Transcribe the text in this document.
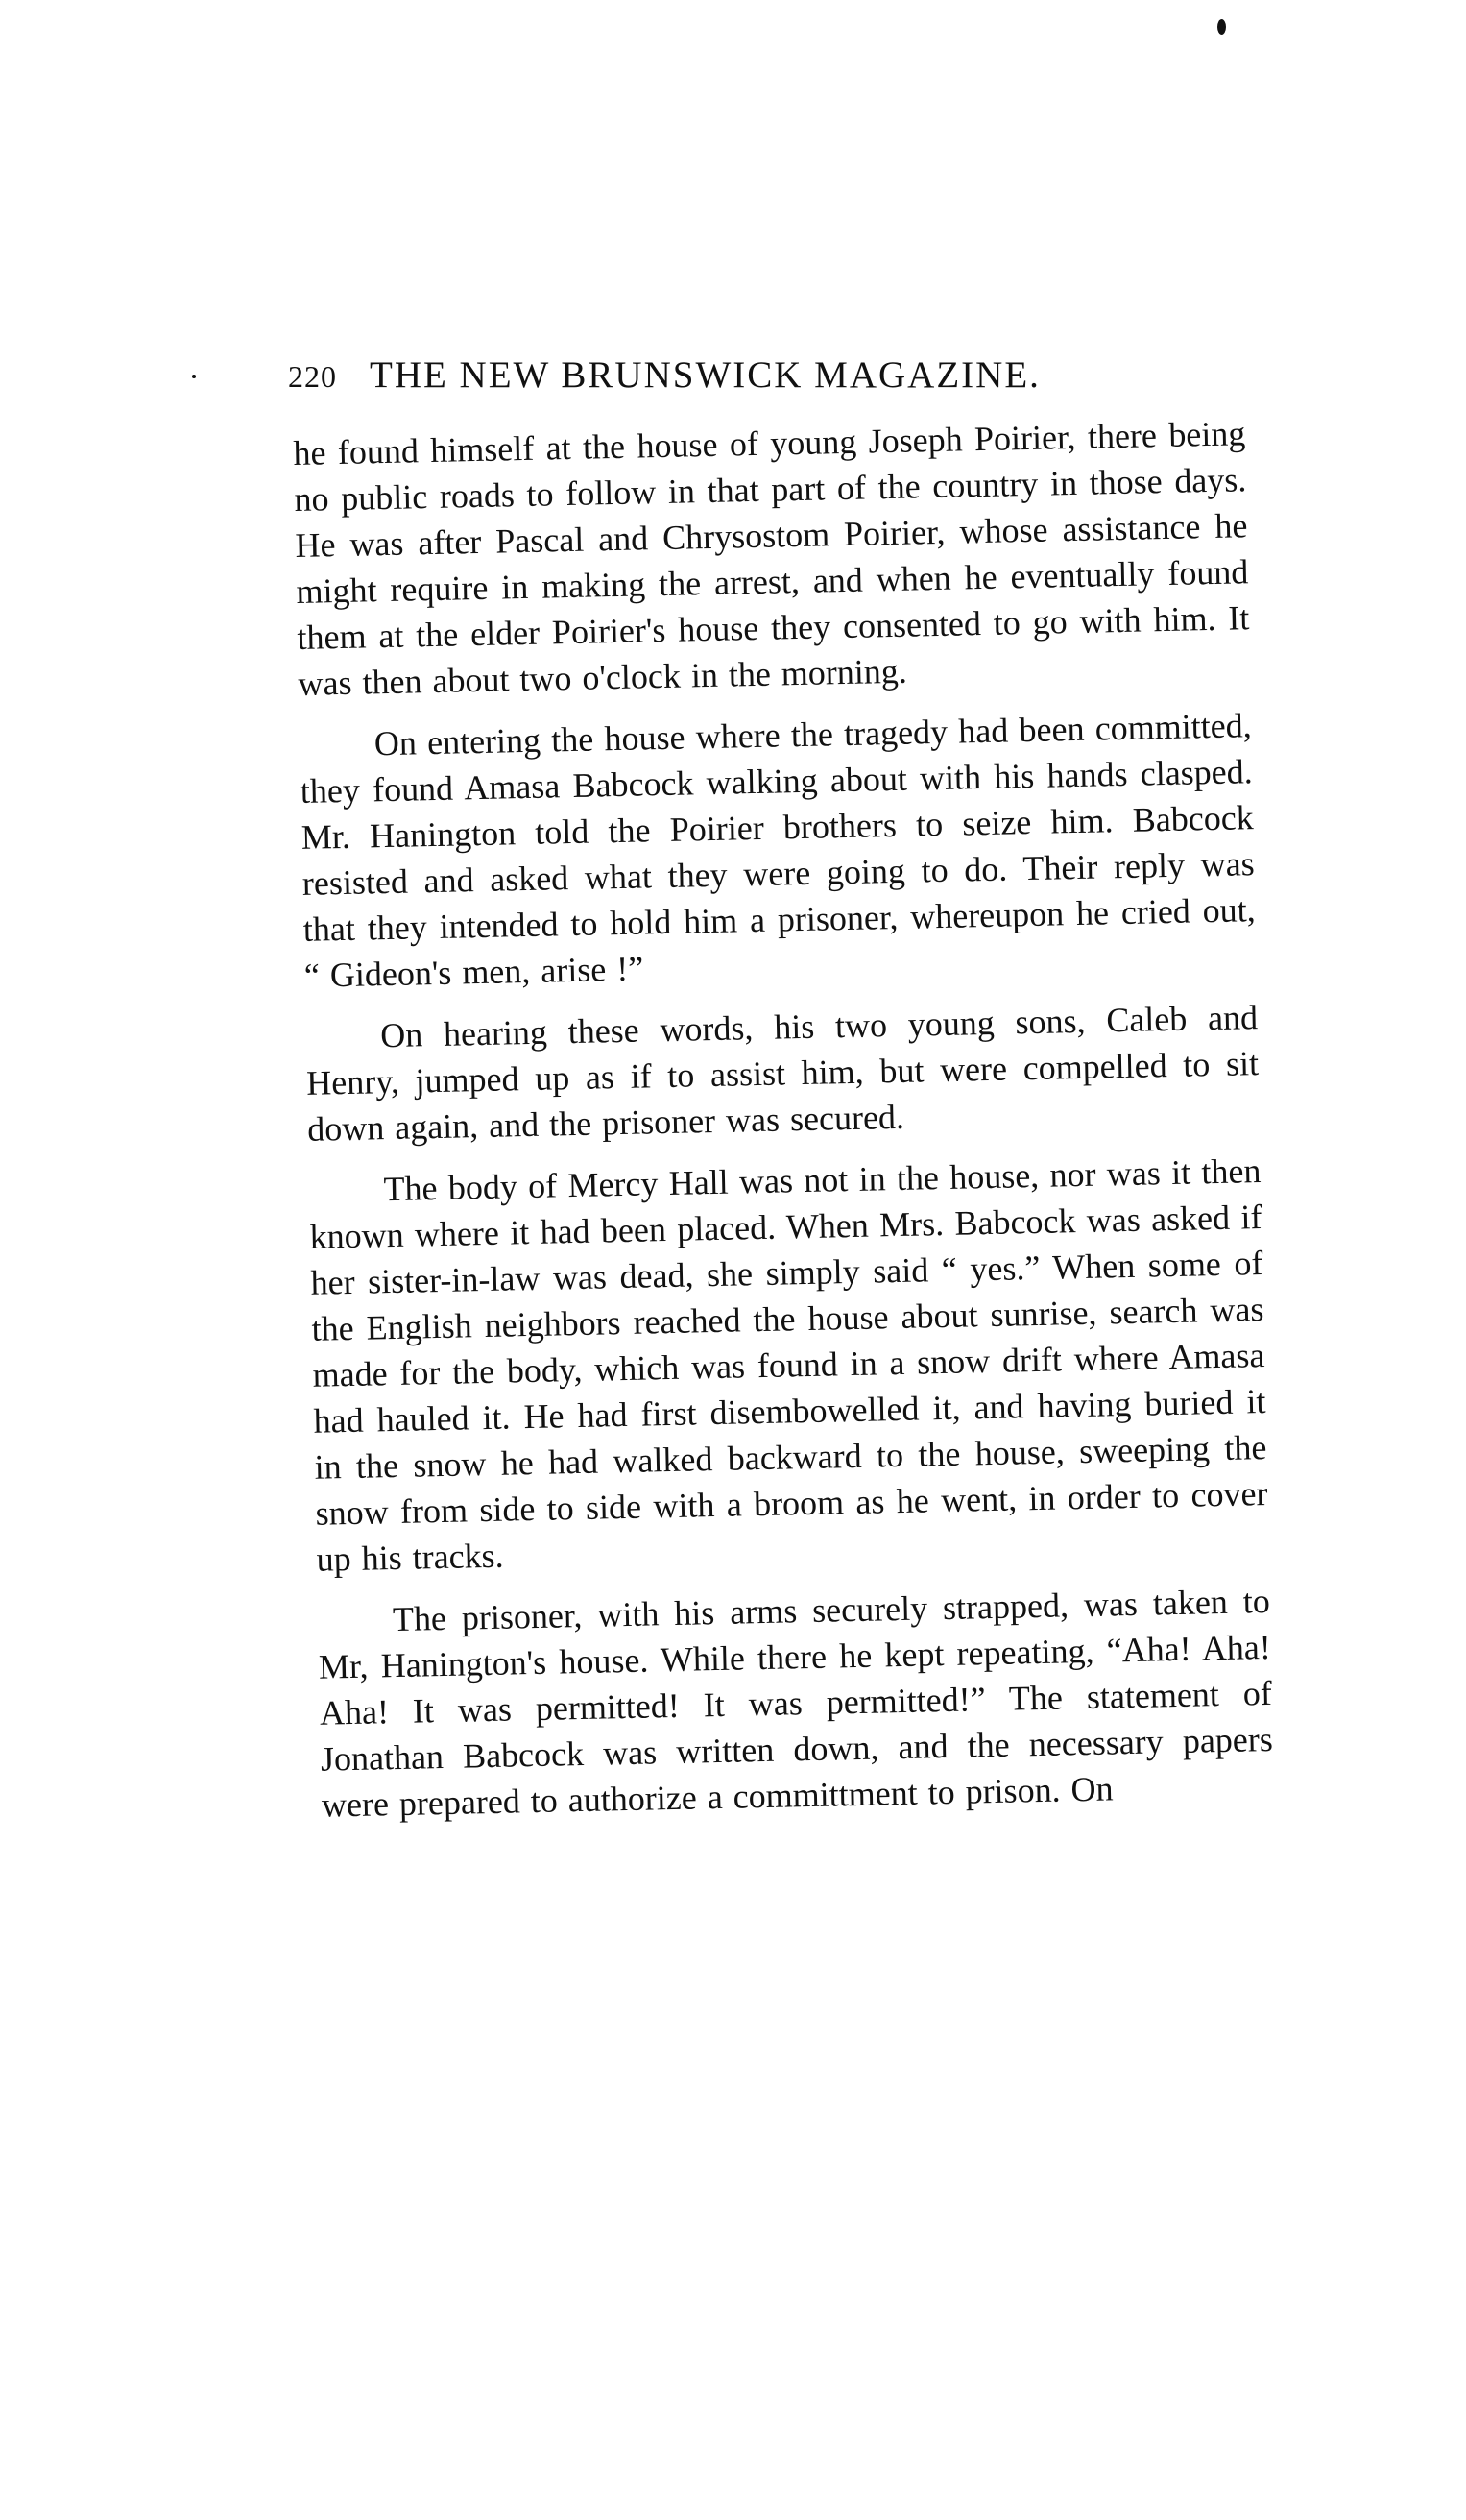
220 THE NEW BRUNSWICK MAGAZINE.

he found himself at the house of young Joseph Poirier, there being no public roads to follow in that part of the country in those days. He was after Pascal and Chrysostom Poirier, whose assistance he might require in making the arrest, and when he eventually found them at the elder Poirier's house they consented to go with him. It was then about two o'clock in the morning.

On entering the house where the tragedy had been committed, they found Amasa Babcock walking about with his hands clasped. Mr. Hanington told the Poirier brothers to seize him. Babcock resisted and asked what they were going to do. Their reply was that they intended to hold him a prisoner, whereupon he cried out, “ Gideon's men, arise !”

On hearing these words, his two young sons, Caleb and Henry, jumped up as if to assist him, but were compelled to sit down again, and the prisoner was secured.

The body of Mercy Hall was not in the house, nor was it then known where it had been placed. When Mrs. Babcock was asked if her sister-in-law was dead, she simply said “ yes.” When some of the English neighbors reached the house about sunrise, search was made for the body, which was found in a snow drift where Amasa had hauled it. He had first disembowelled it, and having buried it in the snow he had walked backward to the house, sweeping the snow from side to side with a broom as he went, in order to cover up his tracks.

The prisoner, with his arms securely strapped, was taken to Mr, Hanington's house. While there he kept repeating, “Aha! Aha! Aha! It was permitted! It was permitted!” The statement of Jonathan Babcock was written down, and the necessary papers were prepared to authorize a committment to prison. On
